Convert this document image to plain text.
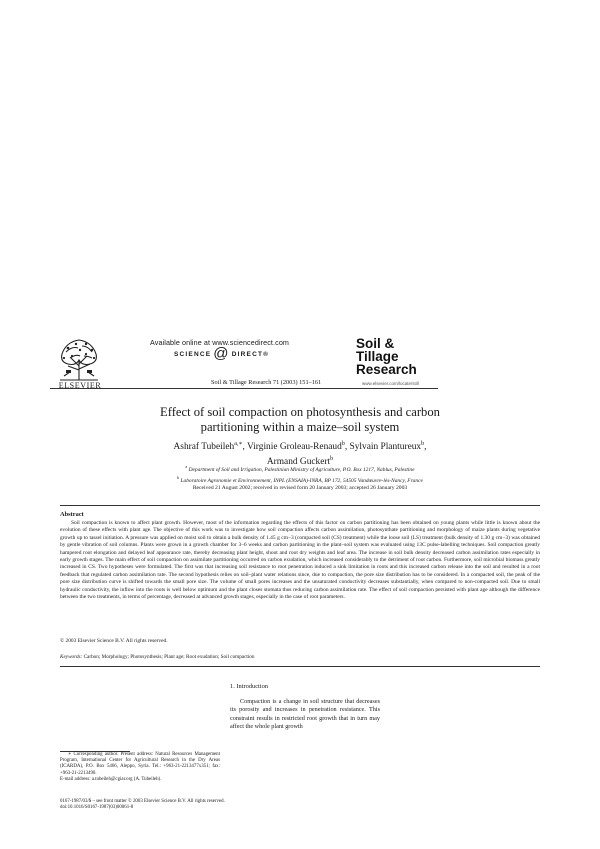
ELSEVIER
Available online at www.sciencedirect.com
SCIENCE @ DIRECT®
Soil & Tillage Research 71 (2003) 151–161
Soil &
Tillage
Research
www.elsevier.com/locate/still
Effect of soil compaction on photosynthesis and carbon
partitioning within a maize–soil system
Ashraf Tubeileh$^{a,∗}$, Virginie Groleau-Renaud$^b$, Sylvain Plantureux$^b$,
Armand Guckert$^b$
$^a$ Department of Soil and Irrigation, Palestinian Ministry of Agriculture, P.O. Box 1217, Nablus, Palestine
$^b$ Laboratoire Agronomie et Environnement, INPL (ENSAIA)-INRA, BP 172, 54505 Vandœuvre-lès-Nancy, France
Received 21 August 2002; received in revised form 20 January 2003; accepted 26 January 2003
Abstract

Soil compaction is known to affect plant growth. However, most of the information regarding the effects of this factor on carbon partitioning has been obtained on young plants while little is known about the evolution of these effects with plant age. The objective of this work was to investigate how soil compaction affects carbon assimilation, photosynthate partitioning and morphology of maize plants during vegetative growth up to tassel initiation. A pressure was applied on moist soil to obtain a bulk density of 1.45 g cm−3 (compacted soil (CS) treatment) while the loose soil (LS) treatment (bulk density of 1.30 g cm−3) was obtained by gentle vibration of soil columns. Plants were grown in a growth chamber for 3–6 weeks and carbon partitioning in the plant–soil system was evaluated using 13C pulse-labelling techniques. Soil compaction greatly hampered root elongation and delayed leaf appearance rate, thereby decreasing plant height, shoot and root dry weights and leaf area. The increase in soil bulk density decreased carbon assimilation rates especially in early growth stages. The main effect of soil compaction on assimilate partitioning occurred on carbon exudation, which increased considerably to the detriment of root carbon. Furthermore, soil microbial biomass greatly increased in CS. Two hypotheses were formulated. The first was that increasing soil resistance to root penetration induced a sink limitation in roots and this increased carbon release into the soil and resulted in a root feedback that regulated carbon assimilation rate. The second hypothesis relies on soil–plant water relations since, due to compaction, the pore size distribution has to be considered. In a compacted soil, the peak of the pore size distribution curve is shifted towards the small pore size. The volume of small pores increases and the unsaturated conductivity decreases substantially, when compared to non-compacted soil. Due to small hydraulic conductivity, the inflow into the roots is well below optimum and the plant closes stomata thus reducing carbon assimilation rate. The effect of soil compaction persisted with plant age although the difference between the two treatments, in terms of percentage, decreased at advanced growth stages, especially in the case of root parameters.

© 2003 Elsevier Science B.V. All rights reserved.
Keywords: Carbon; Morphology; Photosynthesis; Plant age; Root exudation; Soil compaction

∗ Corresponding author. Present address: Natural Resources Management Program, International Center for Agricultural Research in the Dry Areas (ICARDA), P.O. Box 5466, Aleppo, Syria. Tel.: +963-21-2213477x351; fax: +963-21-2213490.

E-mail address: a.tubeileh@cgiar.org (A. Tubeileh).

0167-1987/03/$ – see front matter © 2003 Elsevier Science B.V. All rights reserved.
doi:10.1016/S0167-1987(03)00061-8
1. Introduction

Compaction is a change in soil structure that decreases its porosity and increases in penetration resistance. This constraint results in restricted root growth that in turn may affect the whole plant growth
